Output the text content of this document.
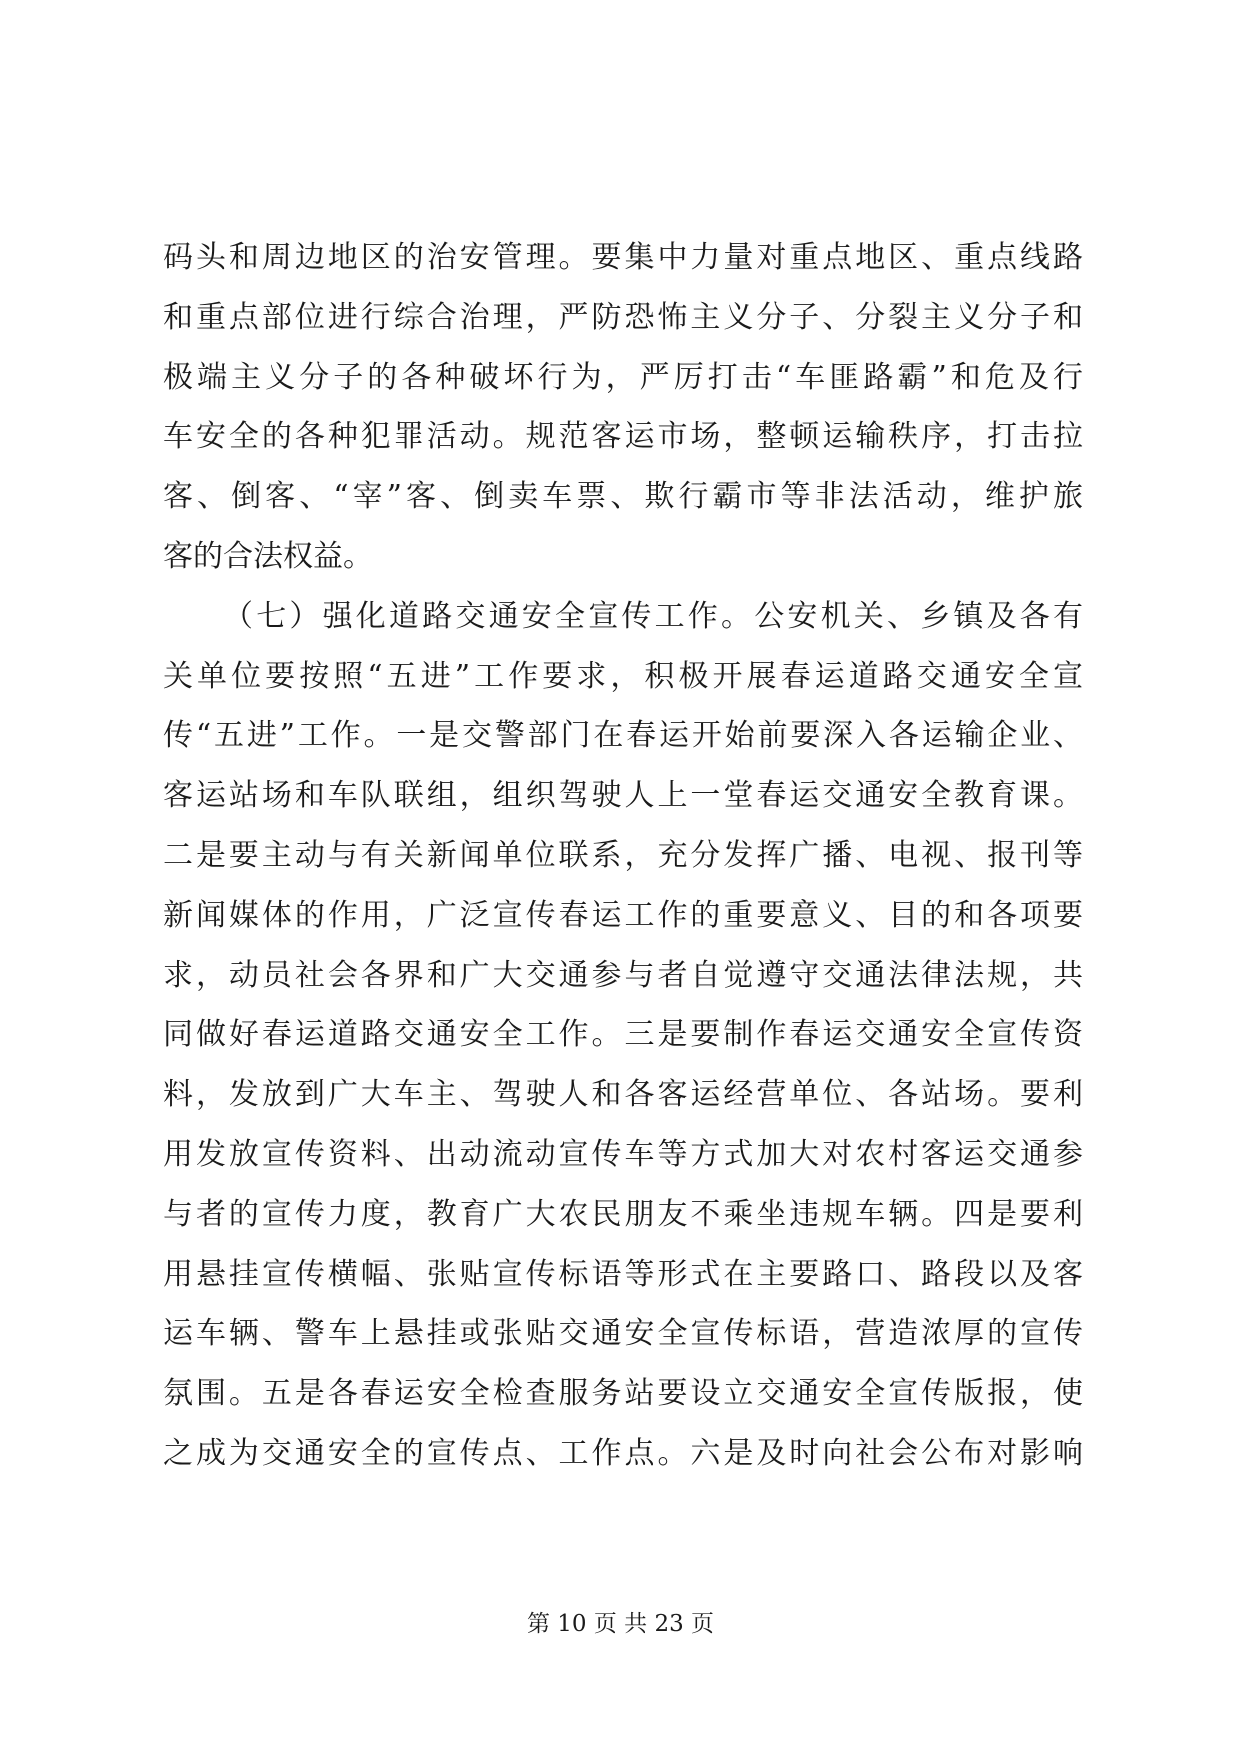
码头和周边地区的治安管理。要集中力量对重点地区、重点线路
和重点部位进行综合治理，严防恐怖主义分子、分裂主义分子和
极端主义分子的各种破坏行为，严厉打击“车匪路霸”和危及行
车安全的各种犯罪活动。规范客运市场，整顿运输秩序，打击拉
客、倒客、“宰”客、倒卖车票、欺行霸市等非法活动，维护旅
客的合法权益。
（七）强化道路交通安全宣传工作。公安机关、乡镇及各有
关单位要按照“五进”工作要求，积极开展春运道路交通安全宣
传“五进”工作。一是交警部门在春运开始前要深入各运输企业、
客运站场和车队联组，组织驾驶人上一堂春运交通安全教育课。
二是要主动与有关新闻单位联系，充分发挥广播、电视、报刊等
新闻媒体的作用，广泛宣传春运工作的重要意义、目的和各项要
求，动员社会各界和广大交通参与者自觉遵守交通法律法规，共
同做好春运道路交通安全工作。三是要制作春运交通安全宣传资
料，发放到广大车主、驾驶人和各客运经营单位、各站场。要利
用发放宣传资料、出动流动宣传车等方式加大对农村客运交通参
与者的宣传力度，教育广大农民朋友不乘坐违规车辆。四是要利
用悬挂宣传横幅、张贴宣传标语等形式在主要路口、路段以及客
运车辆、警车上悬挂或张贴交通安全宣传标语，营造浓厚的宣传
氛围。五是各春运安全检查服务站要设立交通安全宣传版报，使
之成为交通安全的宣传点、工作点。六是及时向社会公布对影响
第 10 页 共 23 页
